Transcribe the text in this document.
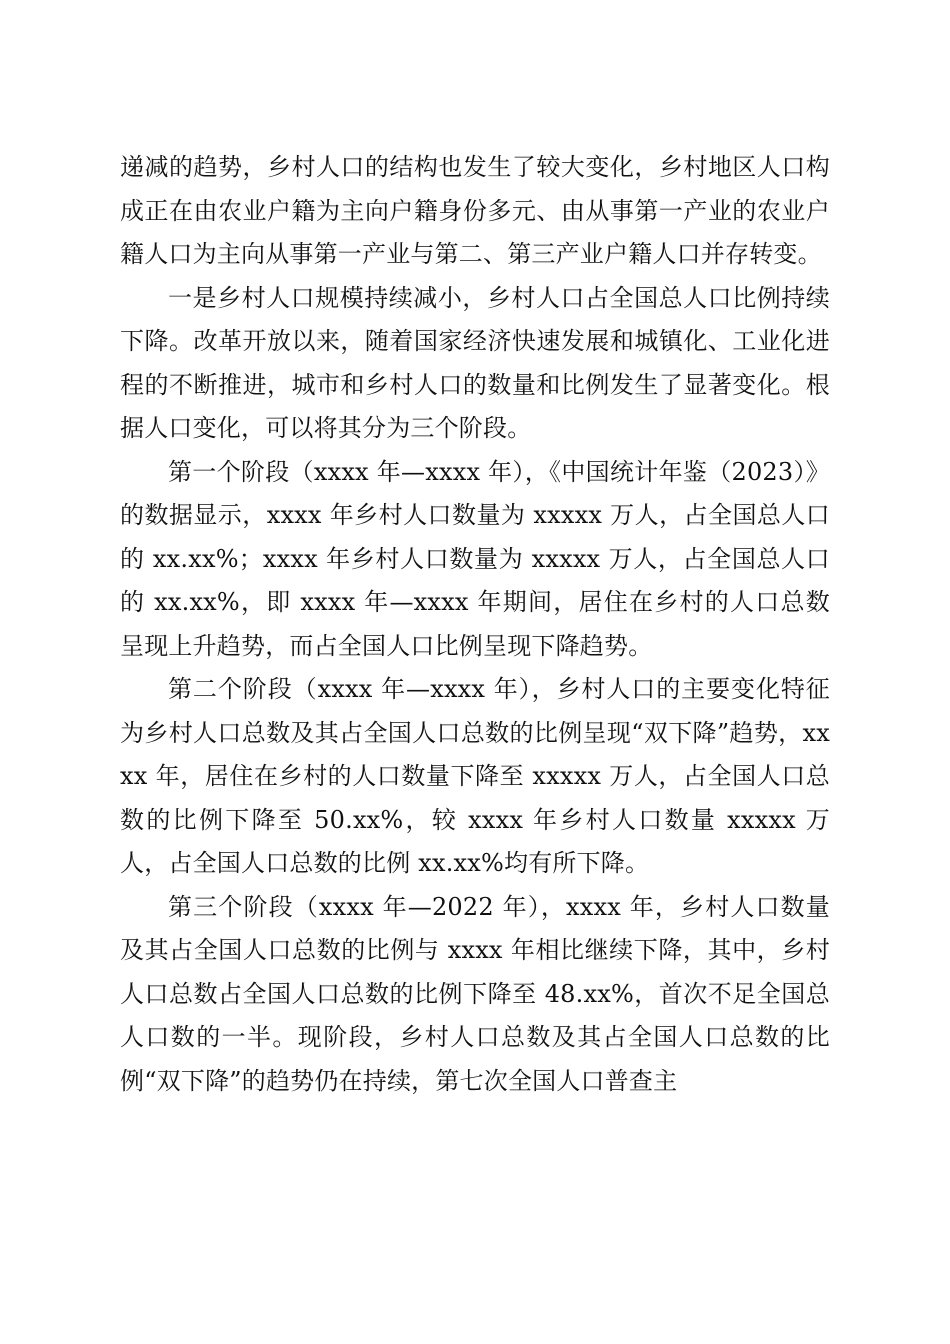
递减的趋势，乡村人口的结构也发生了较大变化，乡村地区人口构成正在由农业户籍为主向户籍身份多元、由从事第一产业的农业户籍人口为主向从事第一产业与第二、第三产业户籍人口并存转变。

一是乡村人口规模持续减小，乡村人口占全国总人口比例持续下降。改革开放以来，随着国家经济快速发展和城镇化、工业化进程的不断推进，城市和乡村人口的数量和比例发生了显著变化。根据人口变化，可以将其分为三个阶段。

第一个阶段（xxxx 年—xxxx 年），《中国统计年鉴（2023）》的数据显示，xxxx 年乡村人口数量为 xxxxx 万人，占全国总人口的 xx.xx%；xxxx 年乡村人口数量为 xxxxx 万人，占全国总人口的 xx.xx%，即 xxxx 年—xxxx 年期间，居住在乡村的人口总数呈现上升趋势，而占全国人口比例呈现下降趋势。

第二个阶段（xxxx 年—xxxx 年），乡村人口的主要变化特征为乡村人口总数及其占全国人口总数的比例呈现“双下降”趋势，xxxx 年，居住在乡村的人口数量下降至 xxxxx 万人，占全国人口总数的比例下降至 50.xx%，较 xxxx 年乡村人口数量 xxxxx 万人，占全国人口总数的比例 xx.xx%均有所下降。

第三个阶段（xxxx 年—2022 年），xxxx 年，乡村人口数量及其占全国人口总数的比例与 xxxx 年相比继续下降，其中，乡村人口总数占全国人口总数的比例下降至 48.xx%，首次不足全国总人口数的一半。现阶段，乡村人口总数及其占全国人口总数的比例“双下降”的趋势仍在持续，第七次全国人口普查主
